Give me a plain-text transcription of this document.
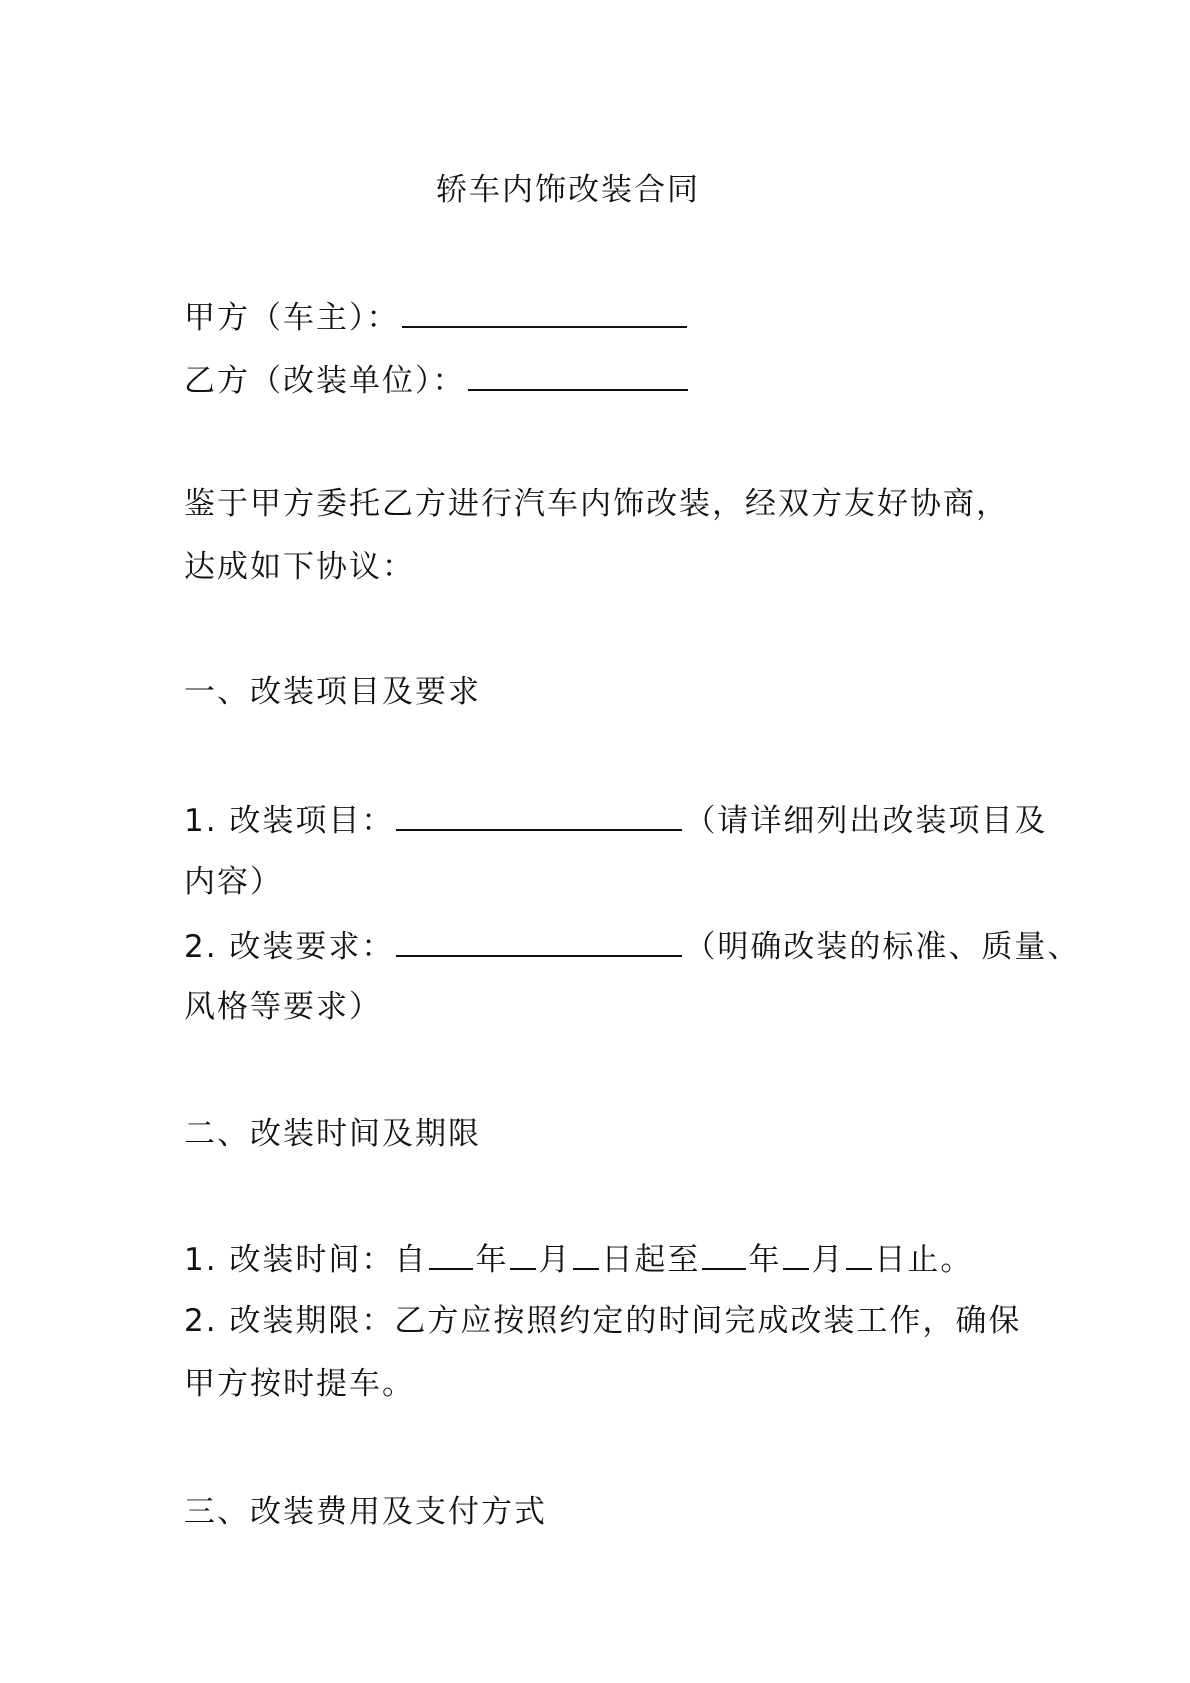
轿车内饰改装合同
甲方（车主）：
乙方（改装单位）：
鉴于甲方委托乙方进行汽车内饰改装，经双方友好协商，
达成如下协议：
一、改装项目及要求
1. 改装项目：	（请详细列出改装项目及
内容）
2. 改装要求：	（明确改装的标准、质量、
风格等要求）
二、改装时间及期限
1. 改装时间：自 年 月 日起至 年 月 日止。
2. 改装期限：乙方应按照约定的时间完成改装工作，确保
甲方按时提车。
三、改装费用及支付方式
